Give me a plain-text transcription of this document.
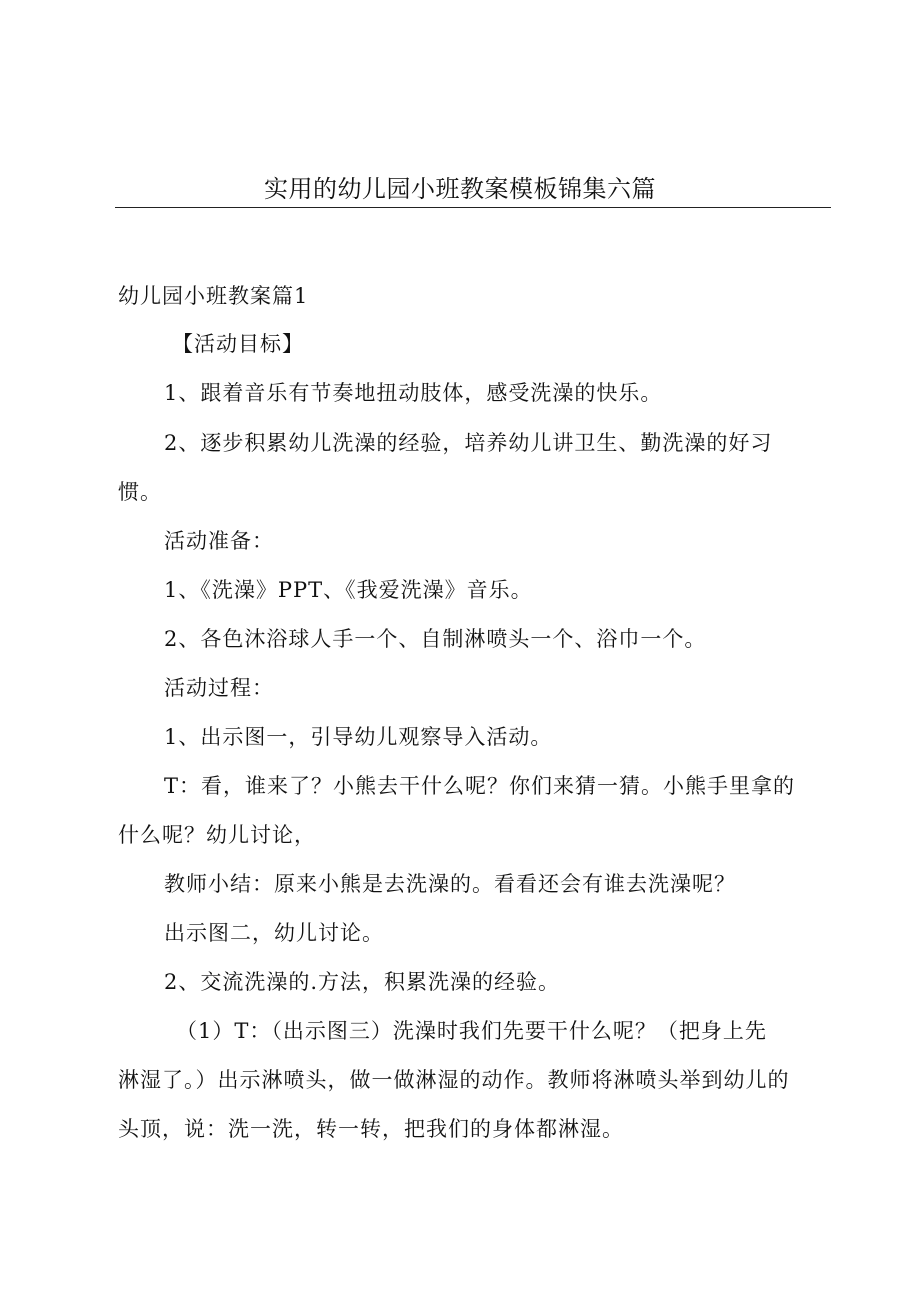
实用的幼儿园小班教案模板锦集六篇
幼儿园小班教案篇1
【活动目标】
1、跟着音乐有节奏地扭动肢体，感受洗澡的快乐。
2、逐步积累幼儿洗澡的经验，培养幼儿讲卫生、勤洗澡的好习
惯。
活动准备：
1、《洗澡》PPT、《我爱洗澡》音乐。
2、各色沐浴球人手一个、自制淋喷头一个、浴巾一个。
活动过程：
1、出示图一，引导幼儿观察导入活动。
T：看，谁来了？小熊去干什么呢？你们来猜一猜。小熊手里拿的
什么呢？幼儿讨论，
教师小结：原来小熊是去洗澡的。看看还会有谁去洗澡呢？
出示图二，幼儿讨论。
2、交流洗澡的.方法，积累洗澡的经验。
（1）T：（出示图三）洗澡时我们先要干什么呢？（把身上先
淋湿了。）出示淋喷头，做一做淋湿的动作。教师将淋喷头举到幼儿的
头顶，说：洗一洗，转一转，把我们的身体都淋湿。
